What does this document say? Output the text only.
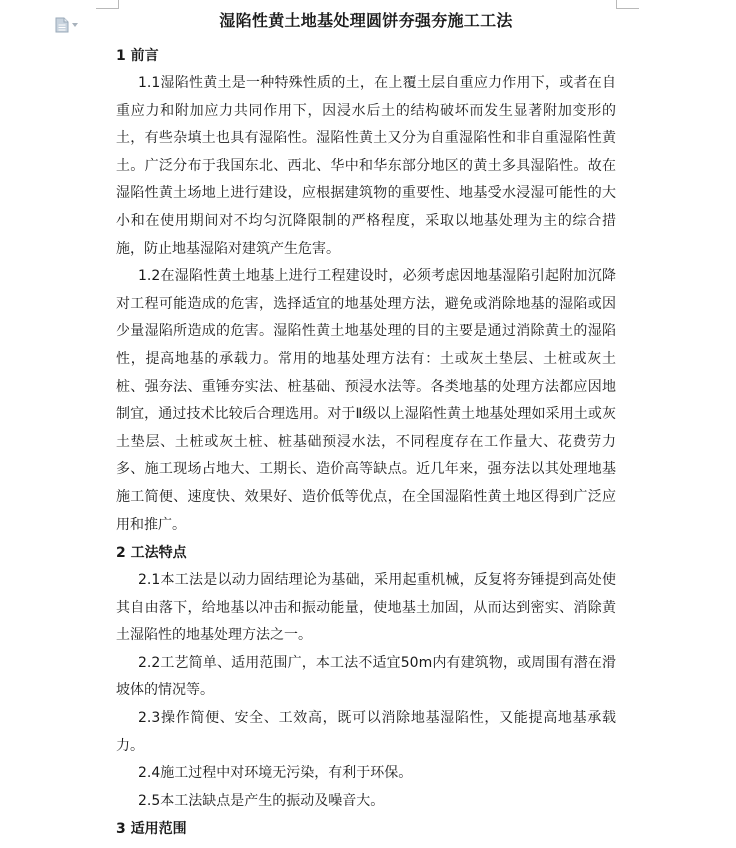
湿陷性黄土地基处理圆饼夯强夯施工工法
1 前言

1.1湿陷性黄土是一种特殊性质的土，在上覆土层自重应力作用下，或者在自重应力和附加应力共同作用下，因浸水后土的结构破坏而发生显著附加变形的土，有些杂填土也具有湿陷性。湿陷性黄土又分为自重湿陷性和非自重湿陷性黄土。广泛分布于我国东北、西北、华中和华东部分地区的黄土多具湿陷性。故在湿陷性黄土场地上进行建设，应根据建筑物的重要性、地基受水浸湿可能性的大小和在使用期间对不均匀沉降限制的严格程度，采取以地基处理为主的综合措施，防止地基湿陷对建筑产生危害。

1.2在湿陷性黄土地基上进行工程建设时，必须考虑因地基湿陷引起附加沉降对工程可能造成的危害，选择适宜的地基处理方法，避免或消除地基的湿陷或因少量湿陷所造成的危害。湿陷性黄土地基处理的目的主要是通过消除黄土的湿陷性，提高地基的承载力。常用的地基处理方法有：土或灰土垫层、土桩或灰土桩、强夯法、重锤夯实法、桩基础、预浸水法等。各类地基的处理方法都应因地制宜，通过技术比较后合理选用。对于Ⅱ级以上湿陷性黄土地基处理如采用土或灰土垫层、土桩或灰土桩、桩基础预浸水法，不同程度存在工作量大、花费劳力多、施工现场占地大、工期长、造价高等缺点。近几年来，强夯法以其处理地基施工简便、速度快、效果好、造价低等优点，在全国湿陷性黄土地区得到广泛应用和推广。

2 工法特点

2.1本工法是以动力固结理论为基础，采用起重机械，反复将夯锤提到高处使其自由落下，给地基以冲击和振动能量，使地基土加固，从而达到密实、消除黄土湿陷性的地基处理方法之一。

2.2工艺简单、适用范围广，本工法不适宜50m内有建筑物，或周围有潜在滑坡体的情况等。

2.3操作简便、安全、工效高，既可以消除地基湿陷性，又能提高地基承载力。

2.4施工过程中对环境无污染，有利于环保。

2.5本工法缺点是产生的振动及噪音大。

3 适用范围
